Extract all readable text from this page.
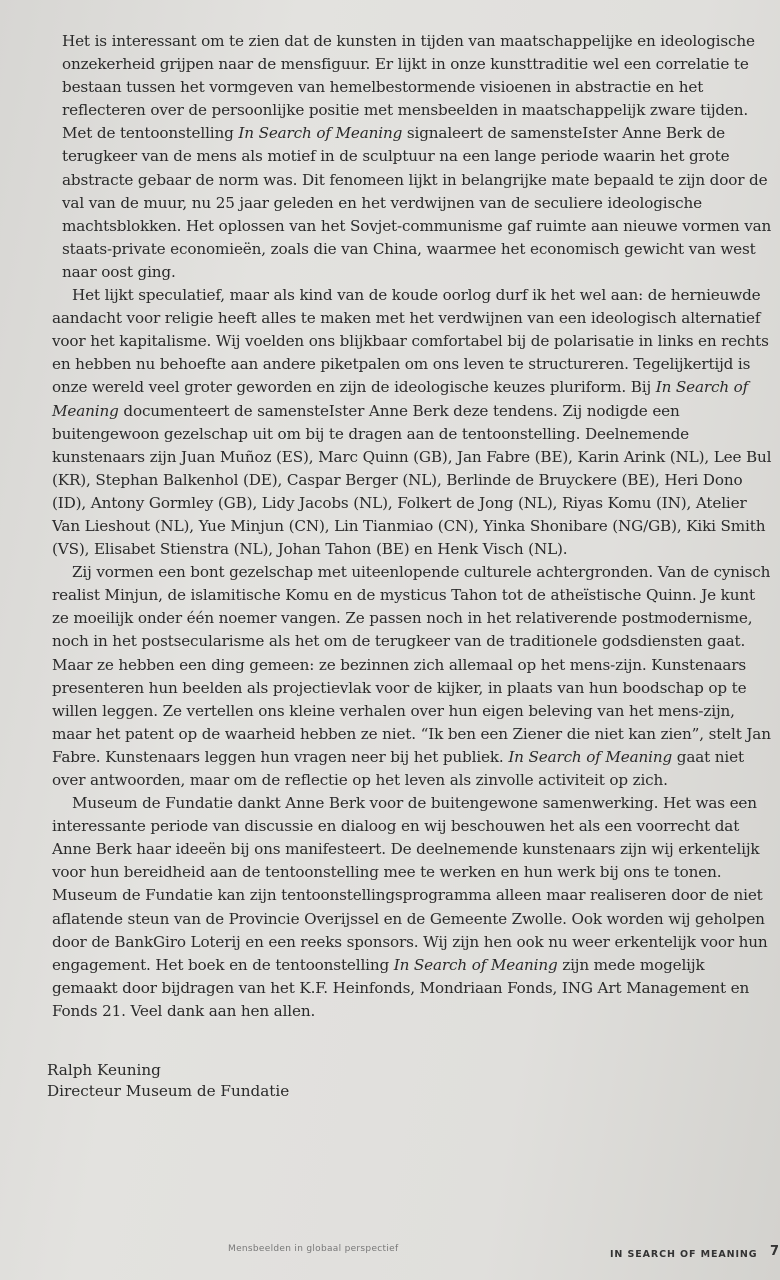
Het is interessant om te zien dat de kunsten in tijden van maatschappelijke en ideologische onzekerheid grijpen naar de mensfiguur. Er lijkt in onze kunsttraditie wel een correlatie te bestaan tussen het vormgeven van hemelbestormende visioenen in abstractie en het reflecteren over de persoonlijke positie met mensbeelden in maatschappelijk zware tijden. Met de tentoonstelling In Search of Meaning signaleert de samensteIster Anne Berk de terugkeer van de mens als motief in de sculptuur na een lange periode waarin het grote abstracte gebaar de norm was. Dit fenomeen lijkt in belangrijke mate bepaald te zijn door de val van de muur, nu 25 jaar geleden en het verdwijnen van de seculiere ideologische machtsblokken. Het oplossen van het Sovjet-communisme gaf ruimte aan nieuwe vormen van staats-private economieën, zoals die van China, waarmee het economisch gewicht van west naar oost ging.

Het lijkt speculatief, maar als kind van de koude oorlog durf ik het wel aan: de hernieuwde aandacht voor religie heeft alles te maken met het verdwijnen van een ideologisch alternatief voor het kapitalisme. Wij voelden ons blijkbaar comfortabel bij de polarisatie in links en rechts en hebben nu behoefte aan andere piketpalen om ons leven te structureren. Tegelijkertijd is onze wereld veel groter geworden en zijn de ideologische keuzes pluriform. Bij In Search of Meaning documenteert de samensteIster Anne Berk deze tendens. Zij nodigde een buitengewoon gezelschap uit om bij te dragen aan de tentoonstelling. Deelnemende kunstenaars zijn Juan Muñoz (ES), Marc Quinn (GB), Jan Fabre (BE), Karin Arink (NL), Lee Bul (KR), Stephan Balkenhol (DE), Caspar Berger (NL), Berlinde de Bruyckere (BE), Heri Dono (ID), Antony Gormley (GB), Lidy Jacobs (NL), Folkert de Jong (NL), Riyas Komu (IN), Atelier Van Lieshout (NL), Yue Minjun (CN), Lin Tianmiao (CN), Yinka Shonibare (NG/GB), Kiki Smith (VS), Elisabet Stienstra (NL), Johan Tahon (BE) en Henk Visch (NL).

Zij vormen een bont gezelschap met uiteenlopende culturele achtergronden. Van de cynisch realist Minjun, de islamitische Komu en de mysticus Tahon tot de atheïstische Quinn. Je kunt ze moeilijk onder één noemer vangen. Ze passen noch in het relativerende postmodernisme, noch in het postsecularisme als het om de terugkeer van de traditionele godsdiensten gaat. Maar ze hebben een ding gemeen: ze bezinnen zich allemaal op het mens-zijn. Kunstenaars presenteren hun beelden als projectievlak voor de kijker, in plaats van hun boodschap op te willen leggen. Ze vertellen ons kleine verhalen over hun eigen beleving van het mens-zijn, maar het patent op de waarheid hebben ze niet. “Ik ben een Ziener die niet kan zien”, stelt Jan Fabre. Kunstenaars leggen hun vragen neer bij het publiek. In Search of Meaning gaat niet over antwoorden, maar om de reflectie op het leven als zinvolle activiteit op zich.

Museum de Fundatie dankt Anne Berk voor de buitengewone samenwerking. Het was een interessante periode van discussie en dialoog en wij beschouwen het als een voorrecht dat Anne Berk haar ideeën bij ons manifesteert. De deelnemende kunstenaars zijn wij erkentelijk voor hun bereidheid aan de tentoonstelling mee te werken en hun werk bij ons te tonen. Museum de Fundatie kan zijn tentoonstellingsprogramma alleen maar realiseren door de niet aflatende steun van de Provincie Overijssel en de Gemeente Zwolle. Ook worden wij geholpen door de BankGiro Loterij en een reeks sponsors. Wij zijn hen ook nu weer erkentelijk voor hun engagement. Het boek en de tentoonstelling In Search of Meaning zijn mede mogelijk gemaakt door bijdragen van het K.F. Heinfonds, Mondriaan Fonds, ING Art Management en Fonds 21. Veel dank aan hen allen.

Ralph Keuning
Directeur Museum de Fundatie
Mensbeelden in globaal perspectief	IN SEARCH OF MEANING 7
